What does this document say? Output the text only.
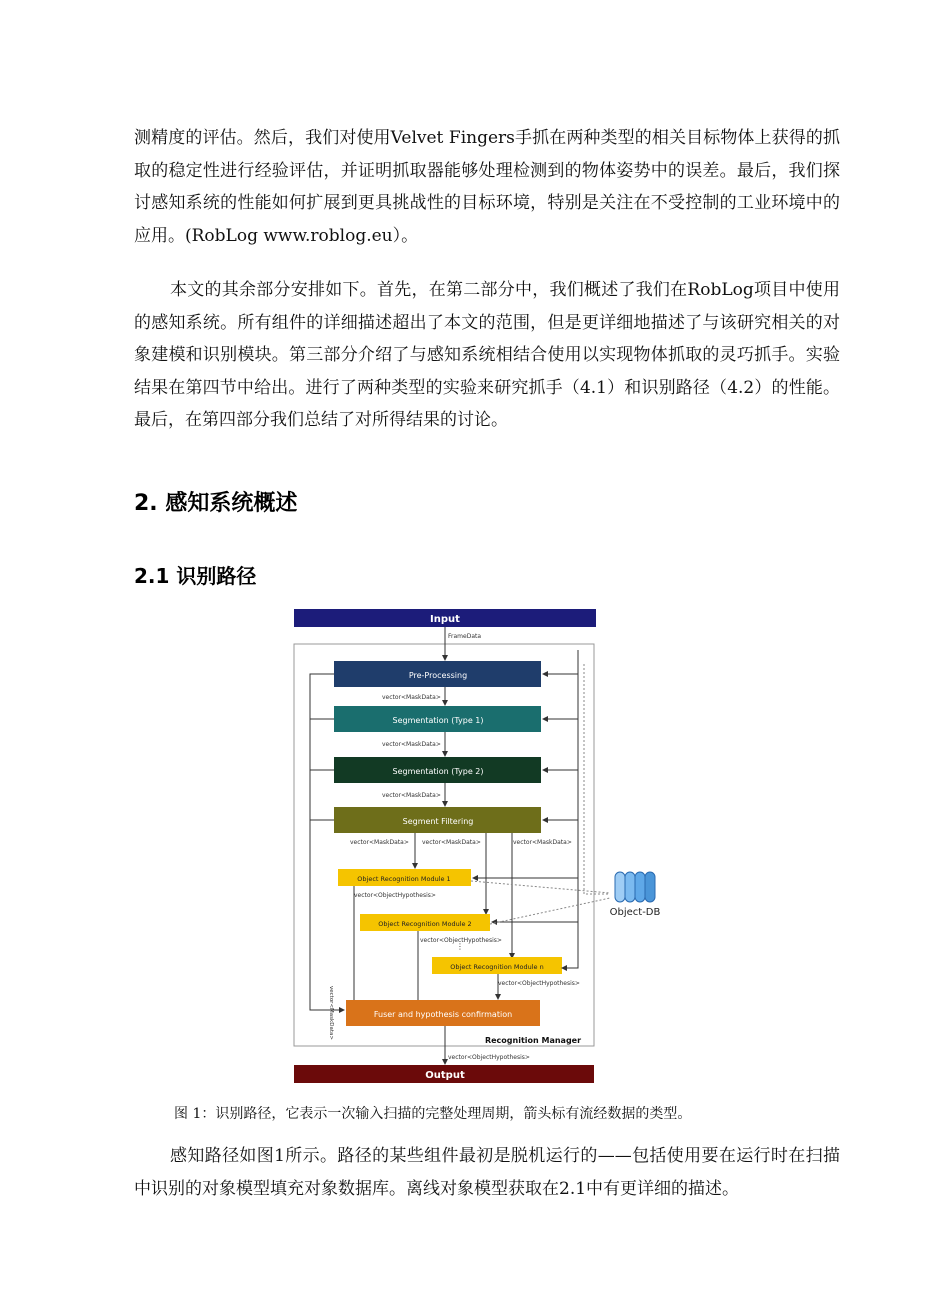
测精度的评估。然后，我们对使用Velvet Fingers手抓在两种类型的相关目标物体上获得的抓取的稳定性进行经验评估，并证明抓取器能够处理检测到的物体姿势中的误差。最后，我们探讨感知系统的性能如何扩展到更具挑战性的目标环境，特别是关注在不受控制的工业环境中的应用。(RobLog www.roblog.eu）。

本文的其余部分安排如下。首先，在第二部分中，我们概述了我们在RobLog项目中使用的感知系统。所有组件的详细描述超出了本文的范围，但是更详细地描述了与该研究相关的对象建模和识别模块。第三部分介绍了与感知系统相结合使用以实现物体抓取的灵巧抓手。实验结果在第四节中给出。进行了两种类型的实验来研究抓手（4.1）和识别路径（4.2）的性能。最后，在第四部分我们总结了对所得结果的讨论。

2. 感知系统概述
2.1 识别路径
Input
FrameData
Pre-Processing
vector<MaskData>
Segmentation (Type 1)
vector<MaskData>
Segmentation (Type 2)
vector<MaskData>
Segment Filtering
vector<MaskData> vector<MaskData>	vector<MaskData>
Object Recognition Module 1
vector<ObjectHypothesis>
Object Recognition Module 2
vector<ObjectHypothesis>
⋮
Object Recognition Module n
vector<ObjectHypothesis>
Fuser and hypothesis confirmation
Recognition Manager
vector<MaskData>
vector<ObjectHypothesis>
Output
Object-DB

图 1：识别路径，它表示一次输入扫描的完整处理周期，箭头标有流经数据的类型。

感知路径如图1所示。路径的某些组件最初是脱机运行的——包括使用要在运行时在扫描中识别的对象模型填充对象数据库。离线对象模型获取在2.1中有更详细的描述。
